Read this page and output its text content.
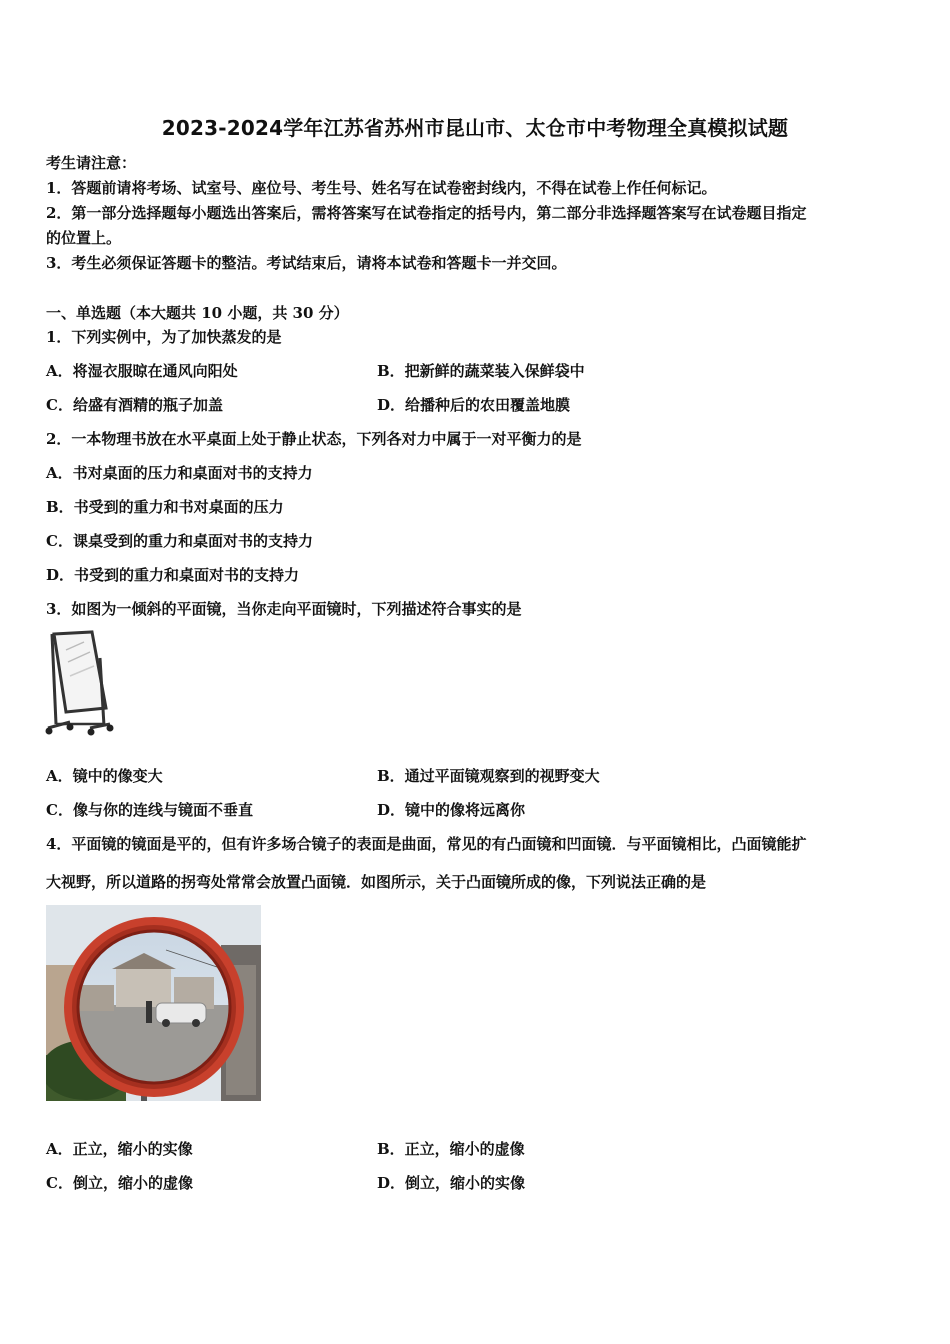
2023-2024学年江苏省苏州市昆山市、太仓市中考物理全真模拟试题
考生请注意：
1．答题前请将考场、试室号、座位号、考生号、姓名写在试卷密封线内，不得在试卷上作任何标记。
2．第一部分选择题每小题选出答案后，需将答案写在试卷指定的括号内，第二部分非选择题答案写在试卷题目指定
的位置上。
3．考生必须保证答题卡的整洁。考试结束后，请将本试卷和答题卡一并交回。
一、单选题（本大题共 10 小题，共 30 分）
1．下列实例中，为了加快蒸发的是
A．将湿衣服晾在通风向阳处	B．把新鲜的蔬菜装入保鲜袋中
C．给盛有酒精的瓶子加盖	D．给播种后的农田覆盖地膜
2．一本物理书放在水平桌面上处于静止状态，下列各对力中属于一对平衡力的是
A．书对桌面的压力和桌面对书的支持力
B．书受到的重力和书对桌面的压力
C．课桌受到的重力和桌面对书的支持力
D．书受到的重力和桌面对书的支持力
3．如图为一倾斜的平面镜，当你走向平面镜时，下列描述符合事实的是
A．镜中的像变大	B．通过平面镜观察到的视野变大
C．像与你的连线与镜面不垂直	D．镜中的像将远离你
4．平面镜的镜面是平的，但有许多场合镜子的表面是曲面，常见的有凸面镜和凹面镜．与平面镜相比，凸面镜能扩
大视野，所以道路的拐弯处常常会放置凸面镜．如图所示，关于凸面镜所成的像，下列说法正确的是
A．正立，缩小的实像	B．正立，缩小的虚像
C．倒立，缩小的虚像	D．倒立，缩小的实像
